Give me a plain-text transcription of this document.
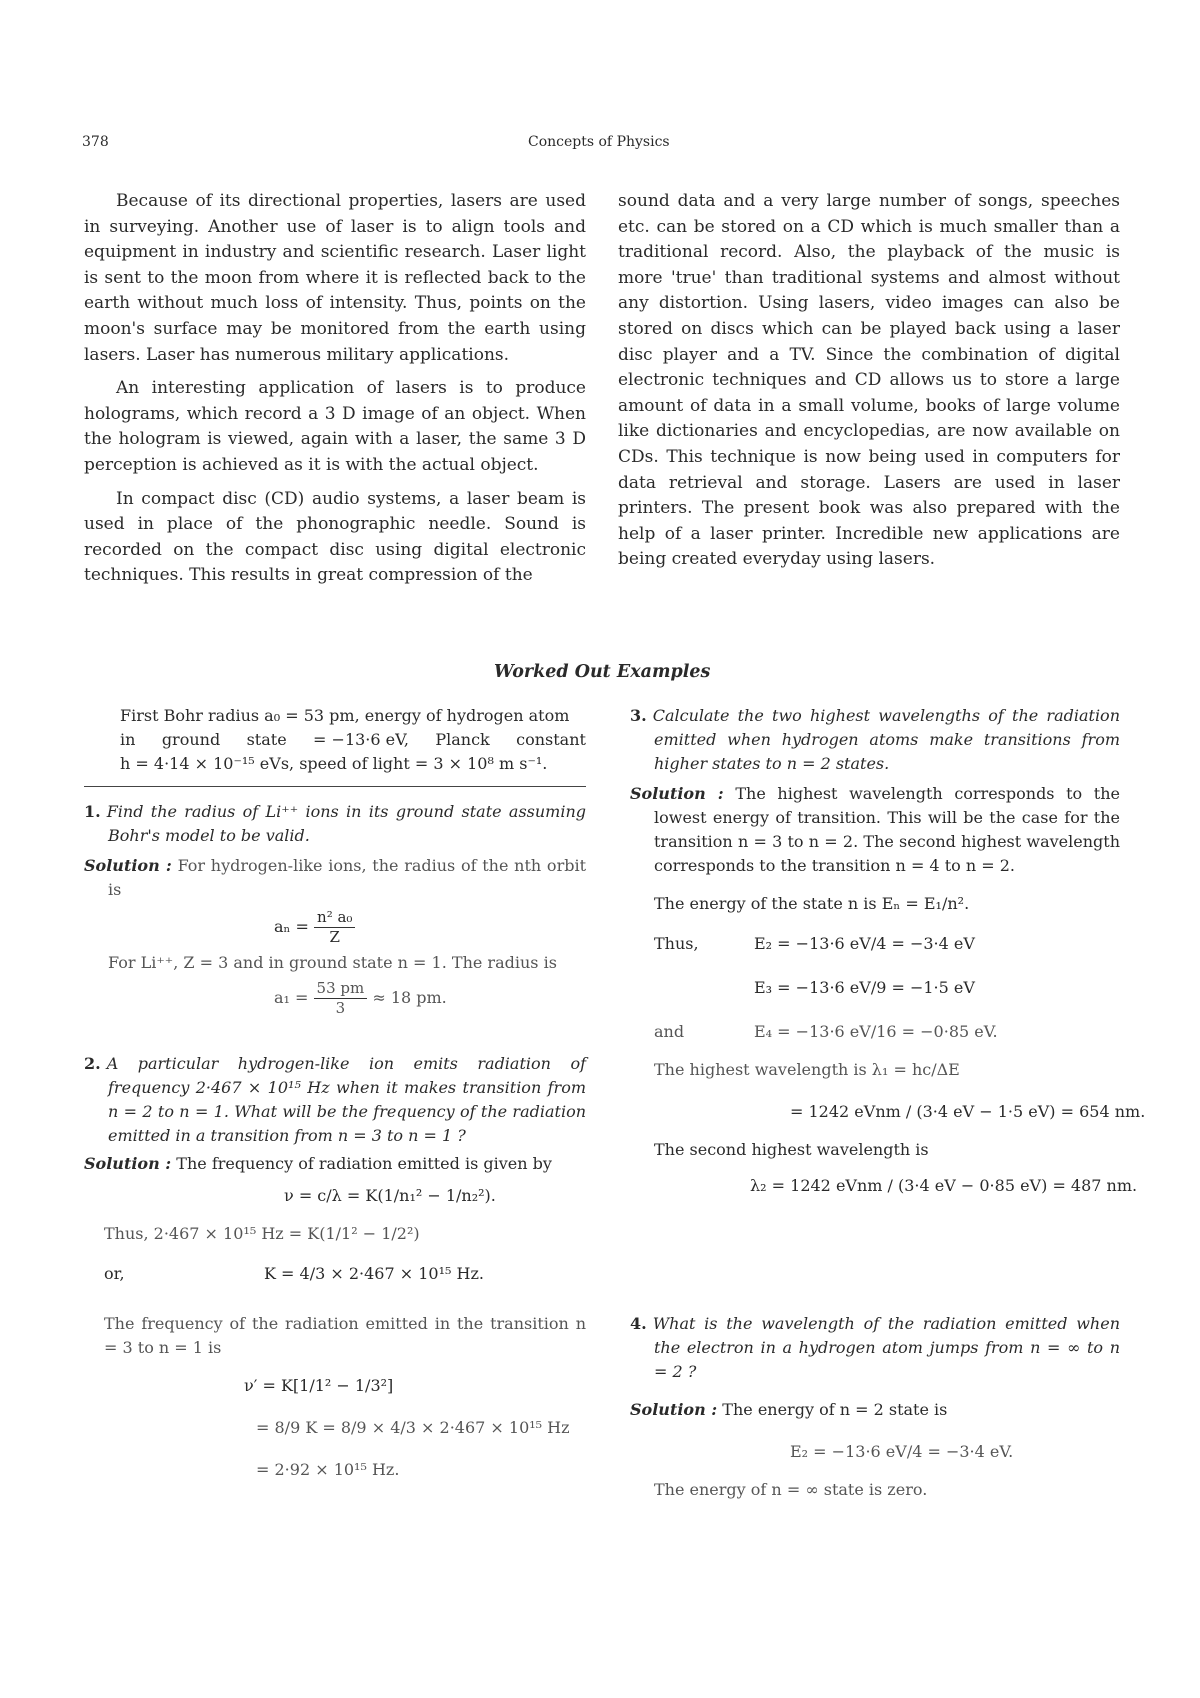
378	Concepts of Physics

Because of its directional properties, lasers are used in surveying. Another use of laser is to align tools and equipment in industry and scientific research. Laser light is sent to the moon from where it is reflected back to the earth without much loss of intensity. Thus, points on the moon's surface may be monitored from the earth using lasers. Laser has numerous military applications.

An interesting application of lasers is to produce holograms, which record a 3 D image of an object. When the hologram is viewed, again with a laser, the same 3 D perception is achieved as it is with the actual object.

In compact disc (CD) audio systems, a laser beam is used in place of the phonographic needle. Sound is recorded on the compact disc using digital electronic techniques. This results in great compression of the

sound data and a very large number of songs, speeches etc. can be stored on a CD which is much smaller than a traditional record. Also, the playback of the music is more 'true' than traditional systems and almost without any distortion. Using lasers, video images can also be stored on discs which can be played back using a laser disc player and a TV. Since the combination of digital electronic techniques and CD allows us to store a large amount of data in a small volume, books of large volume like dictionaries and encyclopedias, are now available on CDs. This technique is now being used in computers for data retrieval and storage. Lasers are used in laser printers. The present book was also prepared with the help of a laser printer. Incredible new applications are being created everyday using lasers.

Worked Out Examples
First Bohr radius a₀ = 53 pm, energy of hydrogen atom
in ground state = −13·6 eV, Planck constant
h = 4·14 × 10⁻¹⁵ eVs, speed of light = 3 × 10⁸ m s⁻¹.
1. Find the radius of Li⁺⁺ ions in its ground state assuming Bohr's model to be valid.
Solution : For hydrogen-like ions, the radius of the nth orbit is
$a_n = \frac{\text{n² a₀}}{Z}$
For Li⁺⁺, Z = 3 and in ground state n = 1. The radius is
$a_1 = \frac{53 pm}{3} \approx 18$ pm.
2. A particular hydrogen-like ion emits radiation of frequency 2·467 × 10¹⁵ Hz when it makes transition from n = 2 to n = 1. What will be the frequency of the radiation emitted in a transition from n = 3 to n = 1 ?
Solution : The frequency of radiation emitted is given by
ν = c/λ = K(1/n₁² − 1/n₂²).
Thus, 2·467 × 10¹⁵ Hz = K(1/1² − 1/2²)
or,	K = 4/3 × 2·467 × 10¹⁵ Hz.
The frequency of the radiation emitted in the transition n = 3 to n = 1 is
ν′ = K[1/1² − 1/3²]
= 8/9 K = 8/9 × 4/3 × 2·467 × 10¹⁵ Hz
= 2·92 × 10¹⁵ Hz.
3. Calculate the two highest wavelengths of the radiation emitted when hydrogen atoms make transitions from higher states to n = 2 states.
Solution : The highest wavelength corresponds to the lowest energy of transition. This will be the case for the transition n = 3 to n = 2. The second highest wavelength corresponds to the transition n = 4 to n = 2.
The energy of the state n is Eₙ = E₁/n².
Thus,	E₂ = −13·6 eV/4 = −3·4 eV
E₃ = −13·6 eV/9 = −1·5 eV
and	E₄ = −13·6 eV/16 = −0·85 eV.
The highest wavelength is λ₁ = hc/ΔE
= 1242 eVnm / (3·4 eV − 1·5 eV) = 654 nm.
The second highest wavelength is
λ₂ = 1242 eVnm / (3·4 eV − 0·85 eV) = 487 nm.
4. What is the wavelength of the radiation emitted when the electron in a hydrogen atom jumps from n = ∞ to n = 2 ?
Solution : The energy of n = 2 state is
E₂ = −13·6 eV/4 = −3·4 eV.
The energy of n = ∞ state is zero.
